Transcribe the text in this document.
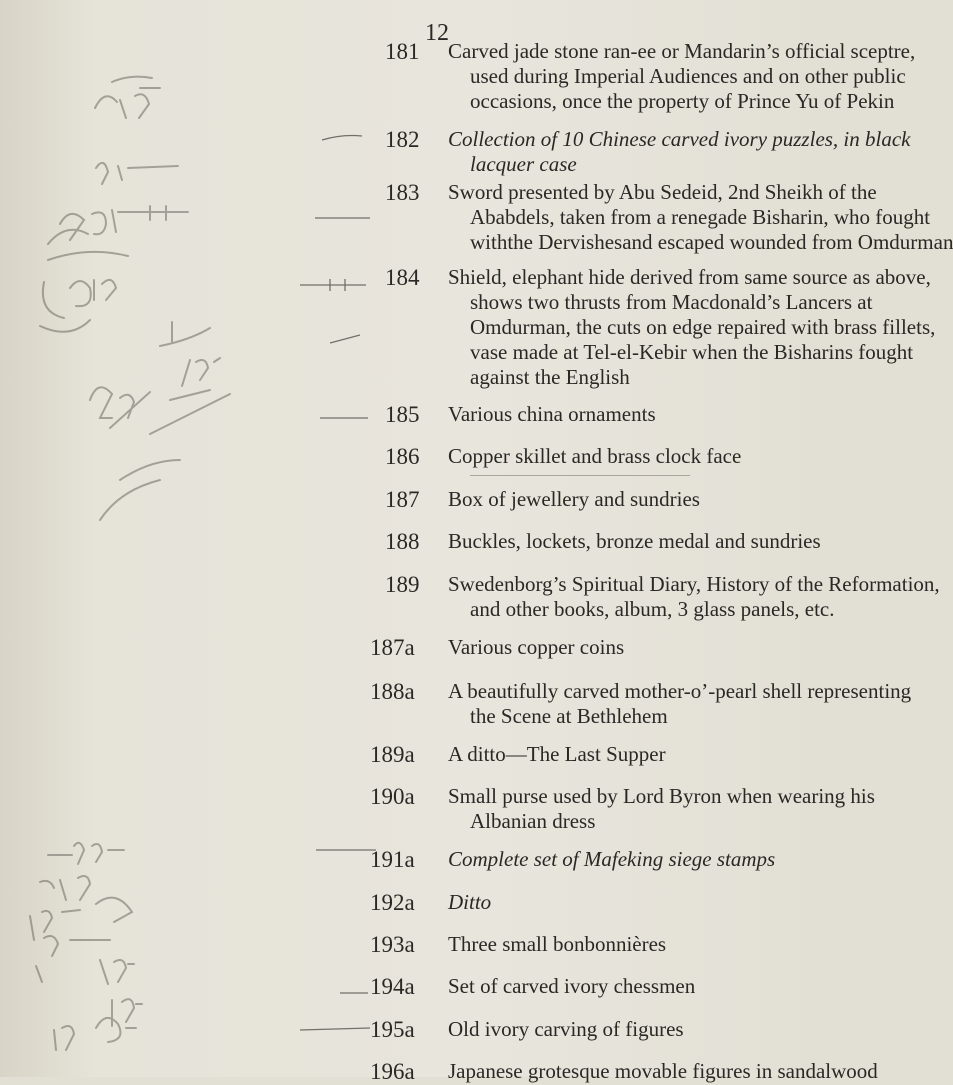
12
181	Carved jade stone ran-ee or Mandarin’s official sceptre,
used during Imperial Audiences and on other public
occasions, once the property of Prince Yu of Pekin
182	Collection of 10 Chinese carved ivory puzzles, in black
lacquer case
183	Sword presented by Abu Sedeid, 2nd Sheikh of the
Ababdels, taken from a renegade Bisharin, who fought
withthe Dervishesand escaped wounded from Omdurman
184	Shield, elephant hide derived from same source as above,
shows two thrusts from Macdonald’s Lancers at
Omdurman, the cuts on edge repaired with brass fillets,
vase made at Tel-el-Kebir when the Bisharins fought
against the English
185	Various china ornaments
186	Copper skillet and brass clock face
187	Box of jewellery and sundries
188	Buckles, lockets, bronze medal and sundries
189	Swedenborg’s Spiritual Diary, History of the Reformation,
and other books, album, 3 glass panels, etc.
187a	Various copper coins
188a	A beautifully carved mother-o’-pearl shell representing
the Scene at Bethlehem
189a	A ditto—The Last Supper
190a	Small purse used by Lord Byron when wearing his
Albanian dress
191a	Complete set of Mafeking siege stamps
192a	Ditto
193a	Three small bonbonnières
194a	Set of carved ivory chessmen
195a	Old ivory carving of figures
196a	Japanese grotesque movable figures in sandalwood
